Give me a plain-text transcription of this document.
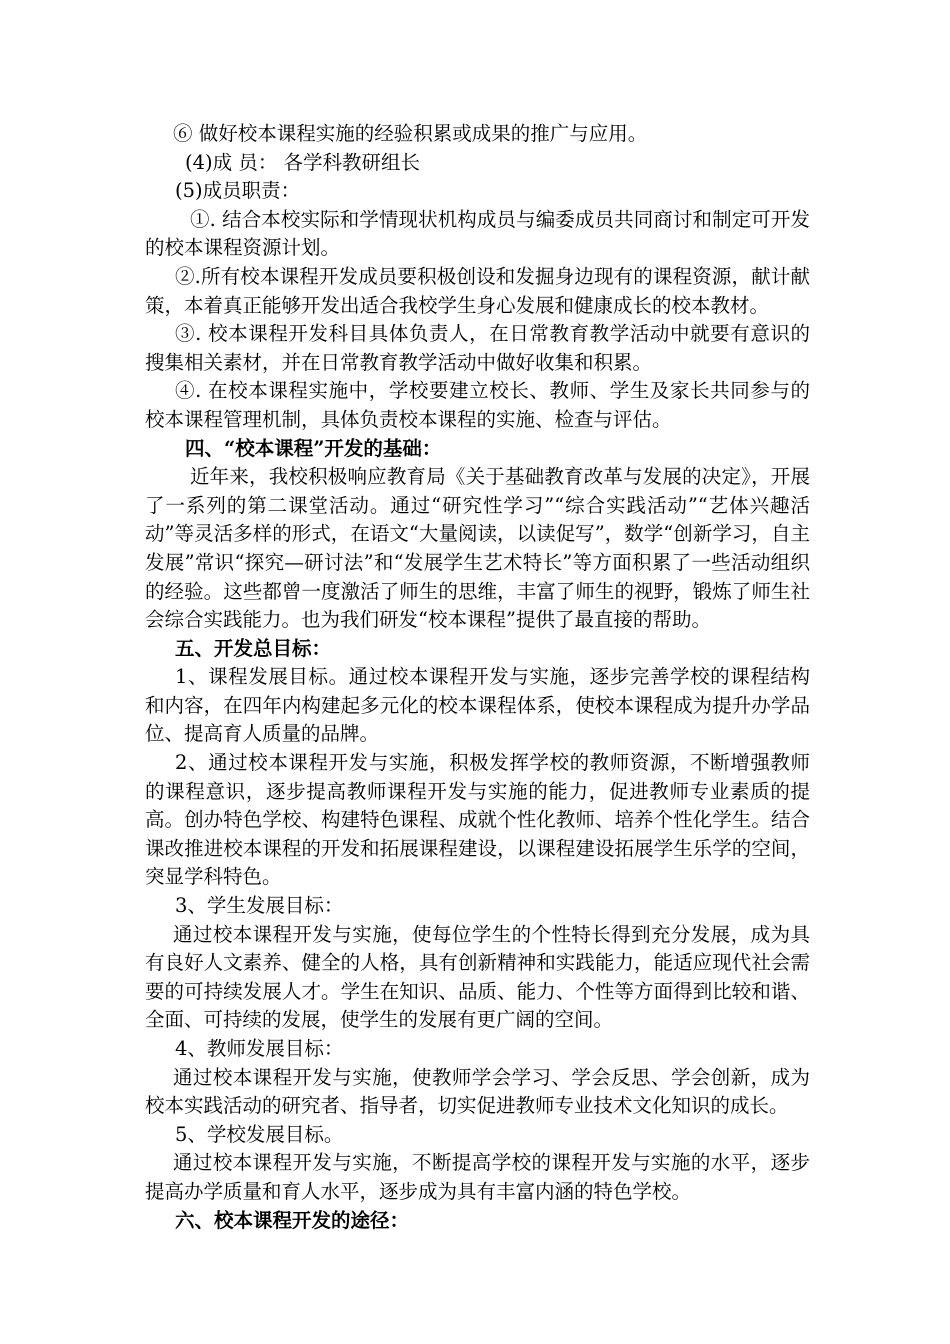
⑥ 做好校本课程实施的经验积累或成果的推广与应用。

(4)成 员： 各学科教研组长

(5)成员职责：

①. 结合本校实际和学情现状机构成员与编委成员共同商讨和制定可开发的校本课程资源计划。

②.所有校本课程开发成员要积极创设和发掘身边现有的课程资源，献计献策，本着真正能够开发出适合我校学生身心发展和健康成长的校本教材。

③. 校本课程开发科目具体负责人，在日常教育教学活动中就要有意识的搜集相关素材，并在日常教育教学活动中做好收集和积累。

④. 在校本课程实施中，学校要建立校长、教师、学生及家长共同参与的校本课程管理机制，具体负责校本课程的实施、检查与评估。

四、“校本课程”开发的基础：

近年来，我校积极响应教育局《关于基础教育改革与发展的决定》，开展了一系列的第二课堂活动。通过“研究性学习”“综合实践活动”“艺体兴趣活动”等灵活多样的形式，在语文“大量阅读，以读促写”，数学“创新学习，自主发展”常识“探究—研讨法”和“发展学生艺术特长”等方面积累了一些活动组织的经验。这些都曾一度激活了师生的思维，丰富了师生的视野，锻炼了师生社会综合实践能力。也为我们研发“校本课程”提供了最直接的帮助。

五、开发总目标：

1、课程发展目标。通过校本课程开发与实施，逐步完善学校的课程结构和内容，在四年内构建起多元化的校本课程体系，使校本课程成为提升办学品位、提高育人质量的品牌。

2、通过校本课程开发与实施，积极发挥学校的教师资源，不断增强教师的课程意识，逐步提高教师课程开发与实施的能力，促进教师专业素质的提高。创办特色学校、构建特色课程、成就个性化教师、培养个性化学生。结合课改推进校本课程的开发和拓展课程建设，以课程建设拓展学生乐学的空间，突显学科特色。

3、学生发展目标：

通过校本课程开发与实施，使每位学生的个性特长得到充分发展，成为具有良好人文素养、健全的人格，具有创新精神和实践能力，能适应现代社会需要的可持续发展人才。学生在知识、品质、能力、个性等方面得到比较和谐、全面、可持续的发展，使学生的发展有更广阔的空间。

4、教师发展目标：

通过校本课程开发与实施，使教师学会学习、学会反思、学会创新，成为校本实践活动的研究者、指导者，切实促进教师专业技术文化知识的成长。

5、学校发展目标。

通过校本课程开发与实施，不断提高学校的课程开发与实施的水平，逐步提高办学质量和育人水平，逐步成为具有丰富内涵的特色学校。

六、校本课程开发的途径：
